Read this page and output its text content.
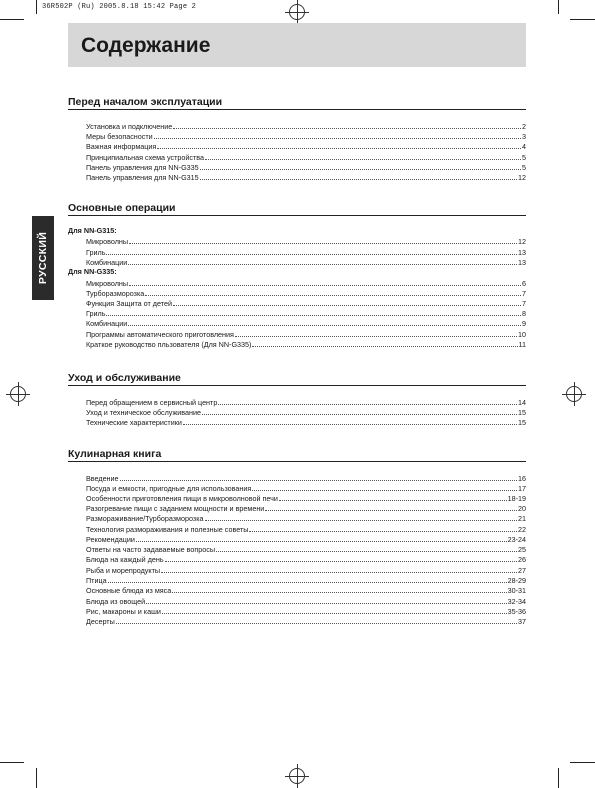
36R502P (Ru) 2005.8.18 15:42 Page 2
Содержание
РУССКИЙ
Перед началом эксплуатации
Установка и подключение	2
Меры безопасности	3
Важная информация	4
Принципиальная схема устройства	5
Панель управления для NN-G335	5
Панель управления для NN-G315	12
Основные операции
Для NN-G315:
Микроволны	12
Гриль	13
Комбинации	13
Для NN-G335:
Микроволны	6
Турборазморозка	7
Функция Защита от детей	7
Гриль	8
Комбинации	9
Программы автоматического приготовления	10
Краткое руководство пльзователя (Для NN-G335)	11
Уход и обслуживание
Перед обращением в сервисный центр	14
Уход и техническое обслуживание	15
Технические характеристики	15
Кулинарная книга
Введение	16
Посуда и емкости, пригодные для использования	17
Особенности приготовления пищи в микроволновой печи	18-19
Разогревание пищи с заданием мощности и времени	20
Размораживание/Турборазморозка	21
Технология размораживания и полезные советы	22
Рекомендации	23-24
Ответы на часто задаваемые вопросы	25
Блюда на каждый день	26
Рыба и морепродукты	27
Птица	28-29
Основные блюда из мяса	30-31
Блюда из овощей	32-34
Рис, макароны и каши	35-36
Десерты	37
